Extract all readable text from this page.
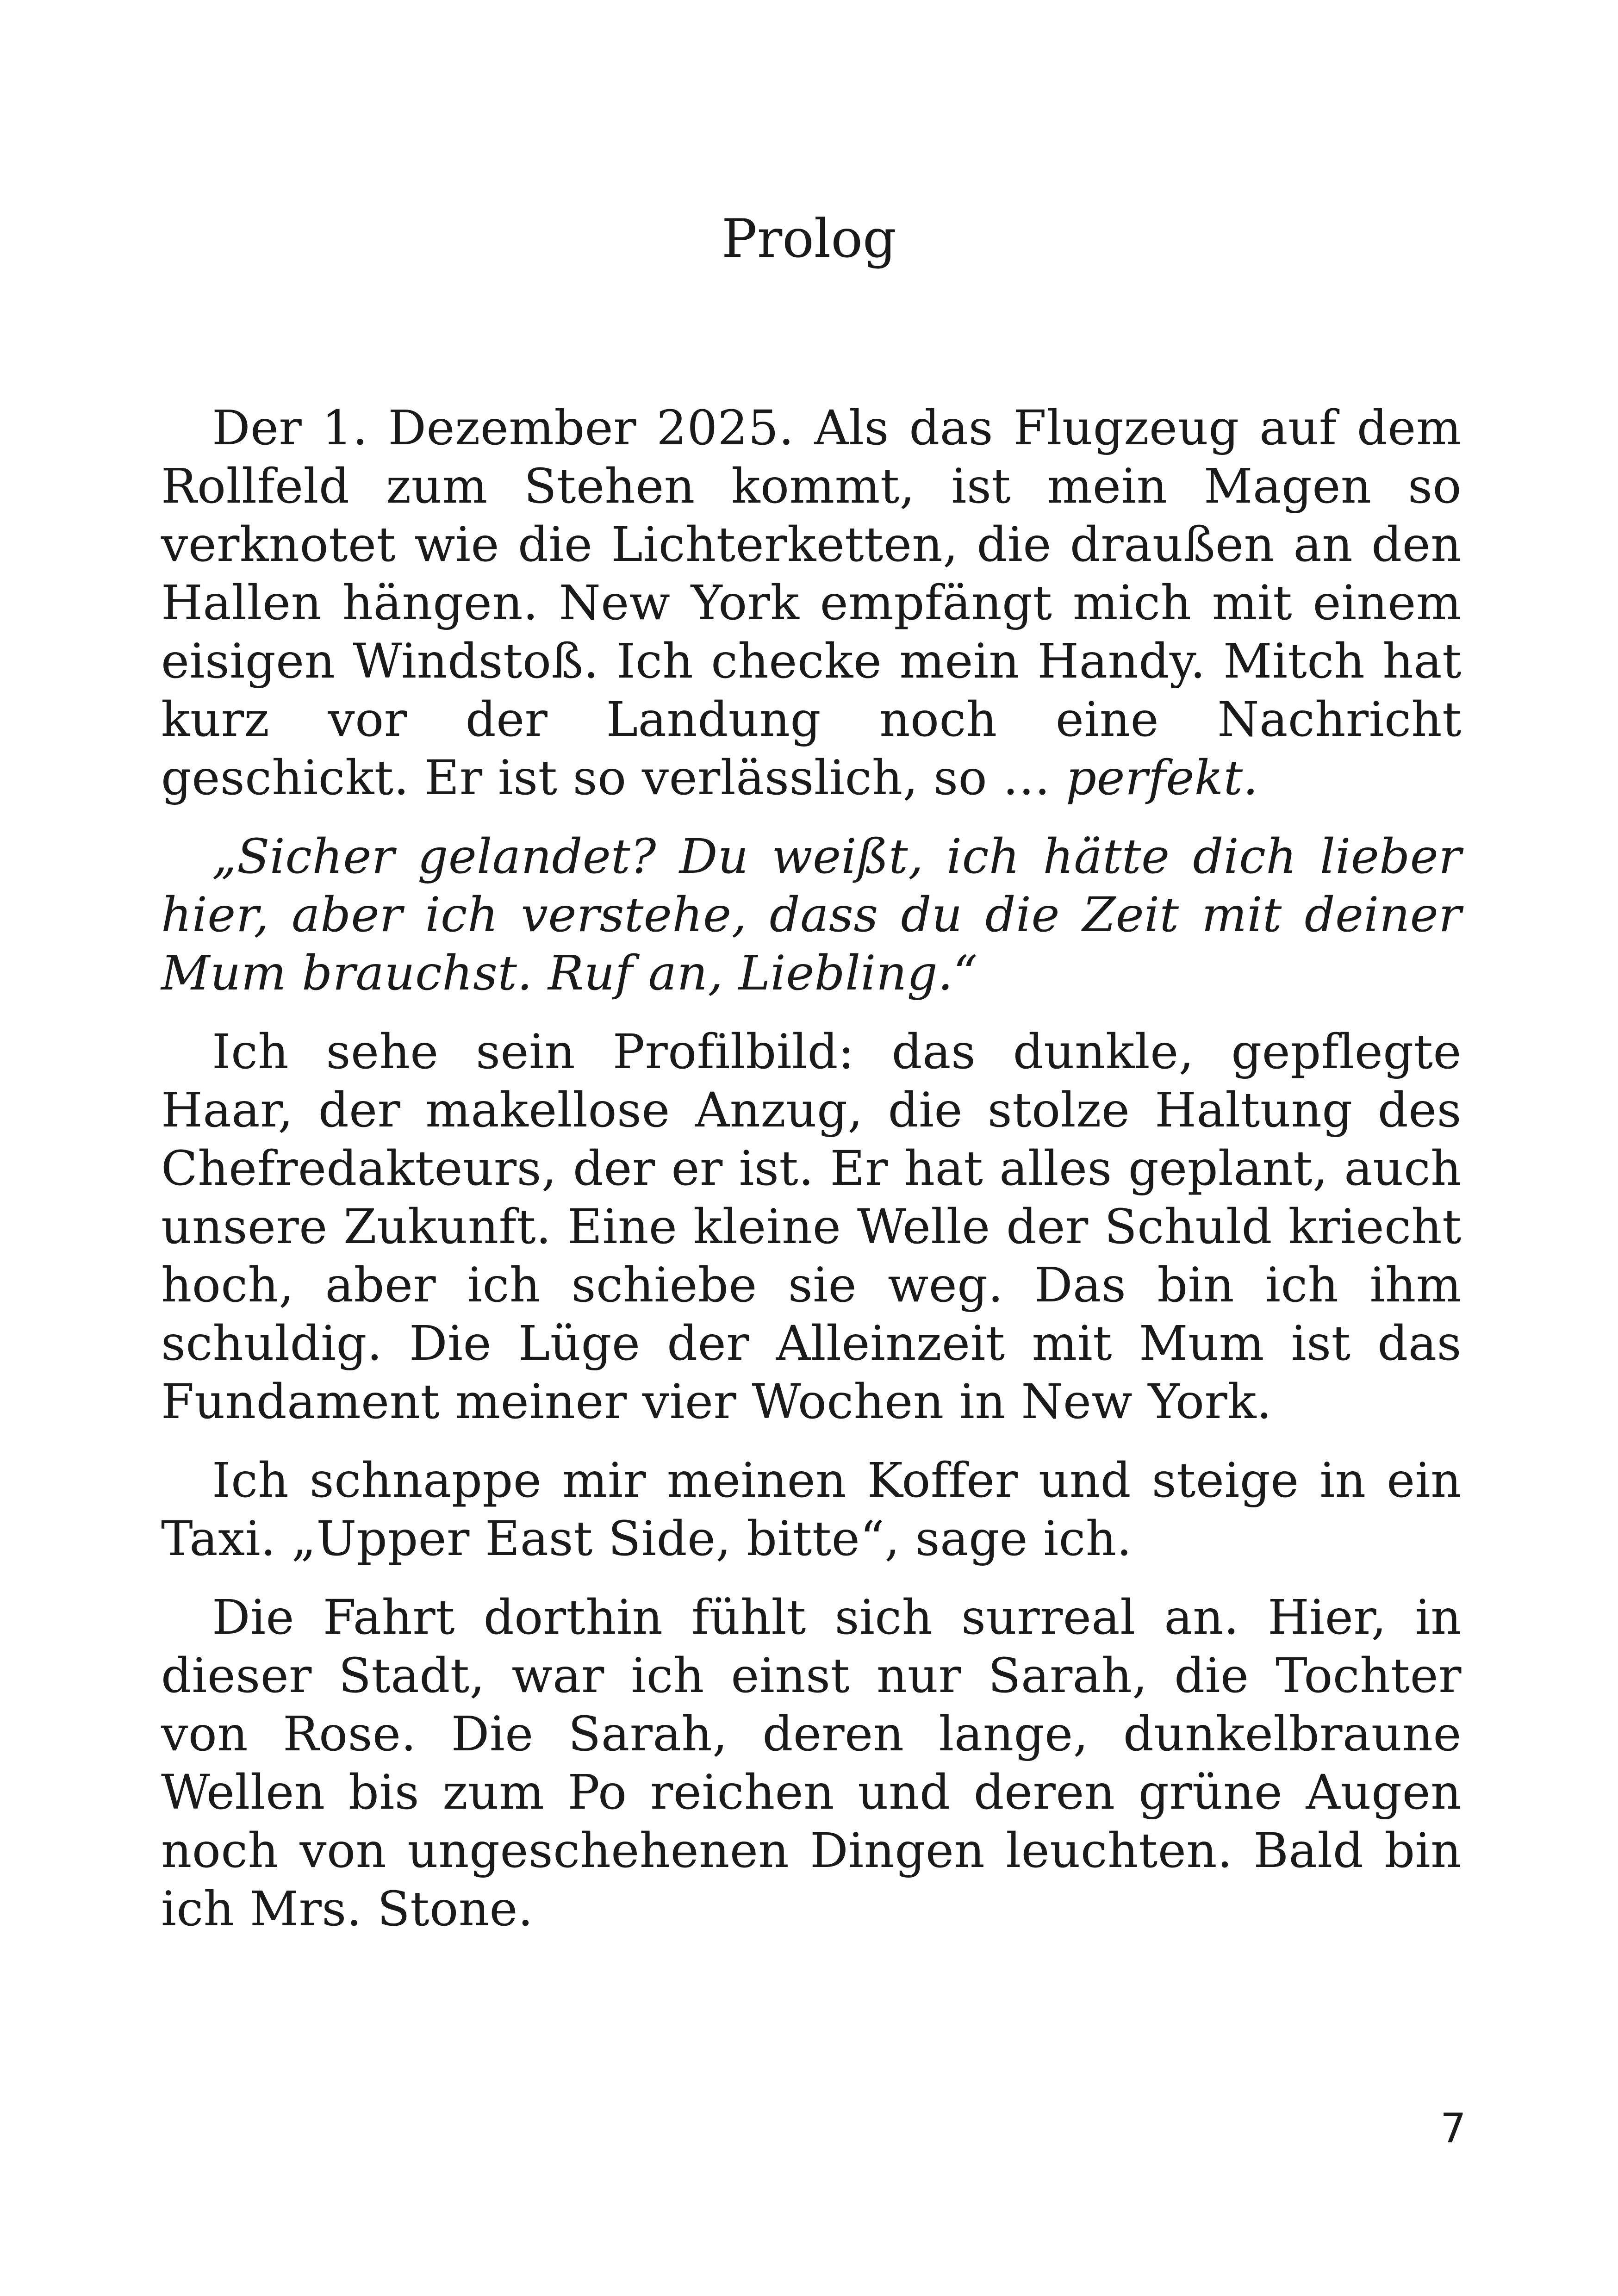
Prolog

Der 1. Dezember 2025. Als das Flugzeug auf dem Rollfeld zum Stehen kommt, ist mein Magen so verknotet wie die Lichterketten, die draußen an den Hallen hängen. New York empfängt mich mit einem eisigen Windstoß. Ich checke mein Handy. Mitch hat kurz vor der Landung noch eine Nachricht geschickt. Er ist so verlässlich, so … perfekt.

„Sicher gelandet? Du weißt, ich hätte dich lieber hier, aber ich verstehe, dass du die Zeit mit deiner Mum brauchst. Ruf an, Liebling.“

Ich sehe sein Profilbild: das dunkle, gepflegte Haar, der makellose Anzug, die stolze Haltung des Chefredakteurs, der er ist. Er hat alles geplant, auch unsere Zukunft. Eine kleine Welle der Schuld kriecht hoch, aber ich schiebe sie weg. Das bin ich ihm schuldig. Die Lüge der Alleinzeit mit Mum ist das Fundament meiner vier Wochen in New York.

Ich schnappe mir meinen Koffer und steige in ein Taxi. „Upper East Side, bitte“, sage ich.

Die Fahrt dorthin fühlt sich surreal an. Hier, in dieser Stadt, war ich einst nur Sarah, die Tochter von Rose. Die Sarah, deren lange, dunkelbraune Wellen bis zum Po reichen und deren grüne Augen noch von ungeschehenen Dingen leuchten. Bald bin ich Mrs. Stone.

7
